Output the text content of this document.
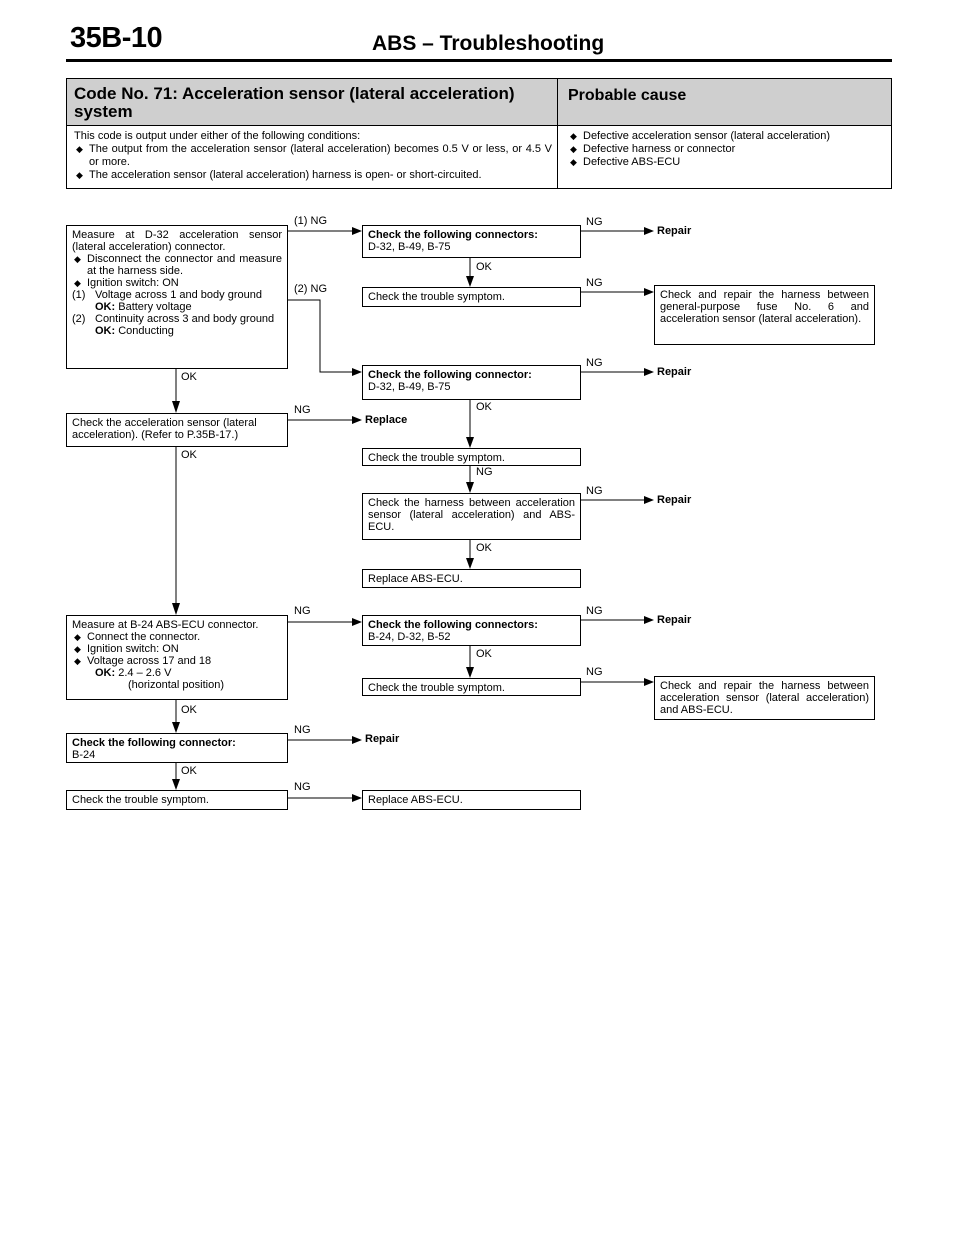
35B-10	ABS – Troubleshooting
Code No. 71: Acceleration sensor (lateral acceleration) system
Probable cause

This code is output under either of the following conditions:

◆ The output from the acceleration sensor (lateral acceleration) becomes 0.5 V or less, or 4.5 V or more.

◆ The acceleration sensor (lateral acceleration) harness is open- or short-circuited.

◆ Defective acceleration sensor (lateral acceleration)

◆ Defective harness or connector

◆ Defective ABS-ECU

Measure at D-32 acceleration sensor (lateral acceleration) connector.

◆ Disconnect the connector and measure at the harness side.

◆ Ignition switch: ON

(1) Voltage across 1 and body ground

OK: Battery voltage

(2) Continuity across 3 and body ground

OK: Conducting

Check the acceleration sensor (lateral acceleration). (Refer to P.35B-17.)

Measure at B-24 ABS-ECU connector.

◆ Connect the connector.

◆ Ignition switch: ON

◆ Voltage across 17 and 18

OK: 2.4 – 2.6 V

(horizontal position)

Check the following connector:

B-24

Check the trouble symptom.

Check the following connectors:

D-32, B-49, B-75

Check the trouble symptom.

Check the following connector:

D-32, B-49, B-75

Check the trouble symptom.

Check the harness between acceleration sensor (lateral acceleration) and ABS-ECU.

Replace ABS-ECU.

Check the following connectors:

B-24, D-32, B-52

Check the trouble symptom.

Replace ABS-ECU.

Check and repair the harness between general-purpose fuse No. 6 and acceleration sensor (lateral acceleration).

Check and repair the harness between acceleration sensor (lateral acceleration) and ABS-ECU.

Repair
Repair
Replace
Repair
Repair
Repair
(1) NG
(2) NG
NG
NG
NG
NG
NG
NG
NG
NG
NG
NG
NG
OK
OK
OK
OK
OK
OK
OK
OK
